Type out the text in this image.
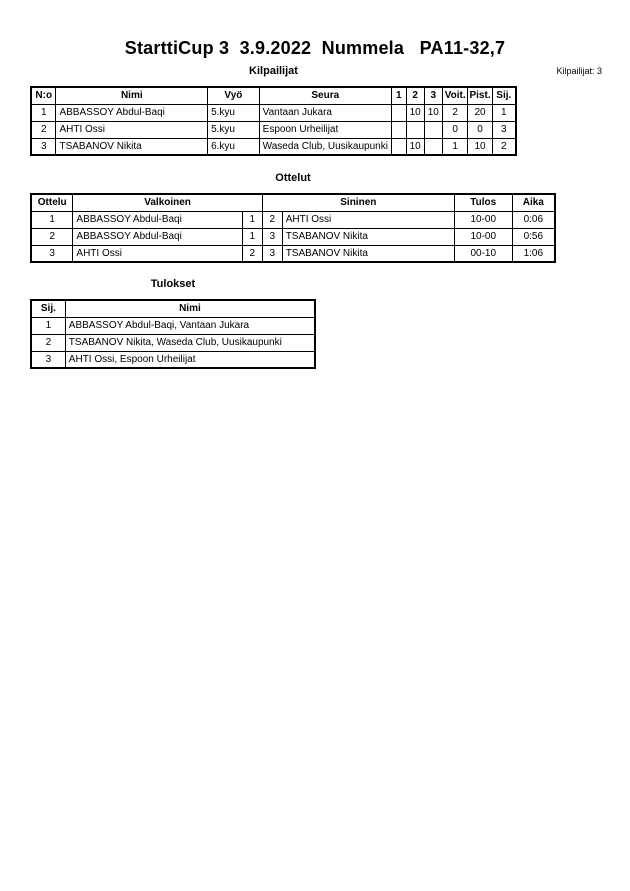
StarttiCup 3  3.9.2022  Nummela   PA11-32,7
Kilpailijat: 3
Kilpailijat
N:o	Nimi	Vyö	Seura	1	2	3	Voit.	Pist.	Sij.
1	ABBASSOY Abdul-Baqi	5.kyu	Vantaan Jukara		10	10	2	20	1
2	AHTI Ossi	5.kyu	Espoon Urheilijat				0	0	3
3	TSABANOV Nikita	6.kyu	Waseda Club, Uusikaupunki		10		1	10	2
Ottelut
Ottelu	Valkoinen		Sininen		Tulos	Aika
1	ABBASSOY Abdul-Baqi	1	2	AHTI Ossi	10-00	0:06
2	ABBASSOY Abdul-Baqi	1	3	TSABANOV Nikita	10-00	0:56
3	AHTI Ossi	2	3	TSABANOV Nikita	00-10	1:06
Tulokset
Sij.	Nimi
1	ABBASSOY Abdul-Baqi, Vantaan Jukara
2	TSABANOV Nikita, Waseda Club, Uusikaupunki
3	AHTI Ossi, Espoon Urheilijat
